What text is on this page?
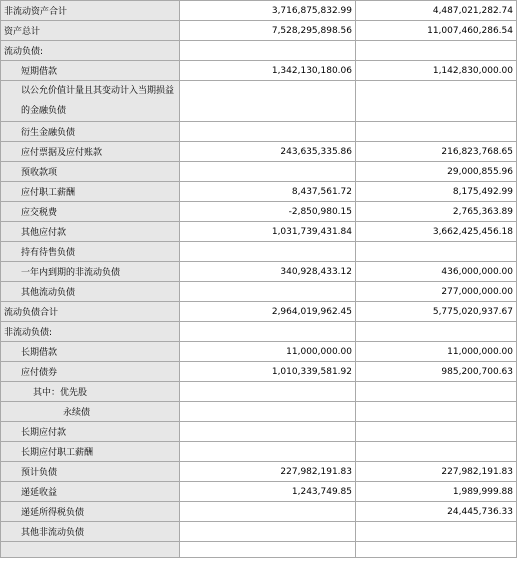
非流动资产合计	3,716,875,832.99	4,487,021,282.74
资产总计	7,528,295,898.56	11,007,460,286.54
流动负债:		
短期借款	1,342,130,180.06	1,142,830,000.00
以公允价值计量且其变动计入当期损益的金融负债		
衍生金融负债		
应付票据及应付账款	243,635,335.86	216,823,768.65
预收款项		29,000,855.96
应付职工薪酬	8,437,561.72	8,175,492.99
应交税费	-2,850,980.15	2,765,363.89
其他应付款	1,031,739,431.84	3,662,425,456.18
持有待售负债		
一年内到期的非流动负债	340,928,433.12	436,000,000.00
其他流动负债		277,000,000.00
流动负债合计	2,964,019,962.45	5,775,020,937.67
非流动负债:		
长期借款	11,000,000.00	11,000,000.00
应付债券	1,010,339,581.92	985,200,700.63
其中：优先股		
永续债		
长期应付款		
长期应付职工薪酬		
预计负债	227,982,191.83	227,982,191.83
递延收益	1,243,749.85	1,989,999.88
递延所得税负债		24,445,736.33
其他非流动负债		
